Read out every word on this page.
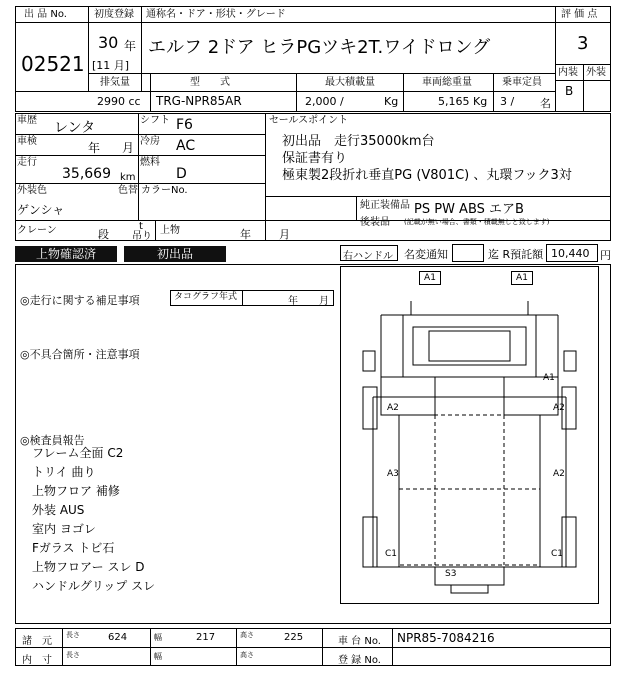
出 品 No.
02521
初度登録
30 年
[11 月]
通称名・ドア・形状・グレード
エルフ 2ドア ヒラPGツキ2T.ワイドロング
評 価 点
3
内装 外装
B
排気量
2990 cc
型　　式
TRG-NPR85AR
最大積載量
2,000 /	Kg
車両総重量
5,165 Kg
乗車定員
3 / 名
車歴 レンタ	シフト F6
車検	年 月 冷房 AC
走行
35,669 km
燃料
D
外装色
ゲンシャ
色替 カラーNo.
クレーン	段
t
吊り
上物	年	月
セールスポイント
初出品　走行35000km台
保証書有り
極東製2段折れ垂直PG (V801C) 、丸環フック3対
純正装備品 PS PW ABS エアB
後装品 (記載が無い場合、書類・積載無しと致します)
上物確認済	初出品	右ハンドル 名変通知	迄 R預託額 10,440 円
◎走行に関する補足事項	タコグラフ年式	年 月
◎不具合箇所・注意事項
◎検査員報告
フレーム全面 C2
トリイ 曲り
上物フロア 補修
外装 AUS
室内 ヨゴレ
Fガラス トビ石
上物フロアー スレ D
ハンドルグリップ スレ
A1	A1
A1
A2	A2
A3	A2
C1	C1
S3
諸　元
長さ	624	幅	217	高さ	225	車 台 No. NPR85-7084216
内　寸 長さ	幅	高さ	登 録 No.
